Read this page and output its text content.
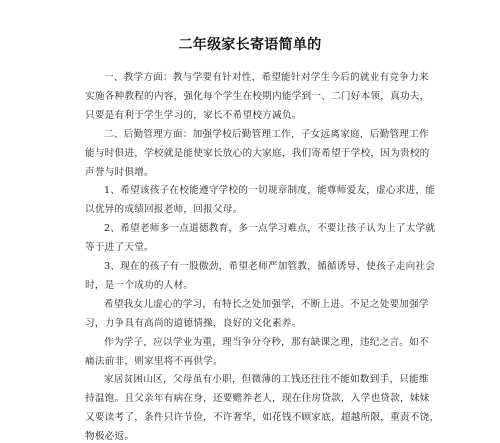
二年级家长寄语简单的
一、教学方面：教与学要有针对性，希望能针对学生今后的就业有竞争力来
实施各种教程的内容，强化每个学生在校期内能学到一、二门好本领，真功夫，
只要是有利于学生学习的，家长不希望校方减负。
二、后勤管理方面：加强学校后勤管理工作，子女远离家庭，后勤管理工作
能与时俱进，学校就是能使家长放心的大家庭，我们寄希望于学校，因为贵校的
声誉与时俱增。
1、希望该孩子在校能遵守学校的一切规章制度，能尊师爱友，虚心求进，能
以优异的成绩回报老师，回报父母。
2、希望老师多一点道德教育，多一点学习难点，不要让孩子认为上了大学就
等于进了天堂。
3、现在的孩子有一股傲劲，希望老师严加管教，循循诱导，使孩子走向社会
时，是一个成功的人材。
希望我女儿虚心的学习，有特长之处加强学，不断上进。不足之处要加强学
习，力争具有高尚的道德情操，良好的文化素养。
作为学子，应以学业为重，理当争分夺秒，那有缺课之理，违纪之言。如不
痛法前非，则家里将不再供学。
家居贫困山区，父母虽有小职，但微薄的工钱还往往不能如数到手，只能维
持温饱。且父亲年有病在身，还要赡养老人，现在住房贷款，入学也贷款，妹妹
又要读考了，条件只许节俭，不许奢华，如花钱不顾家底，超越所限，重责不饶，
物极必返。
